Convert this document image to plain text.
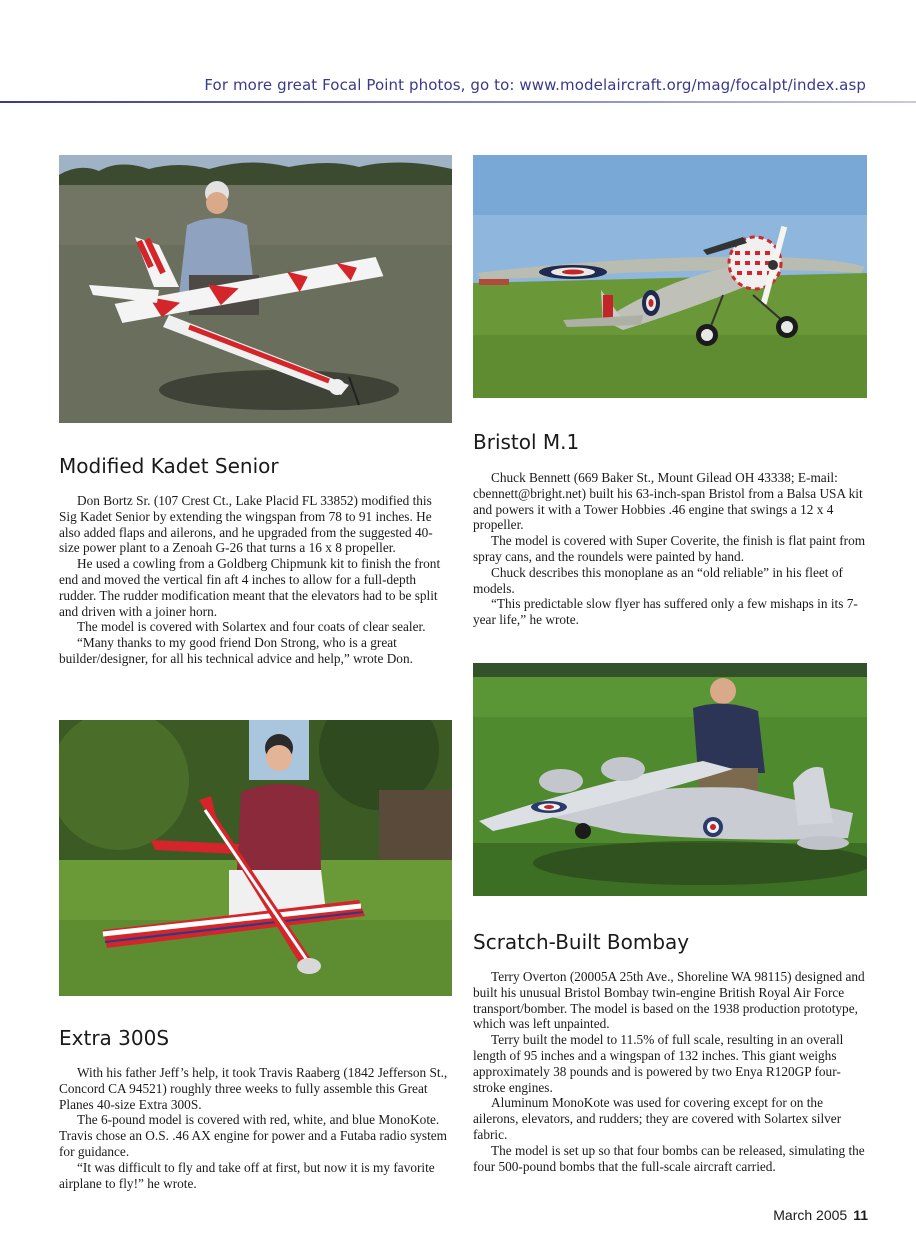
For more great Focal Point photos, go to: www.modelaircraft.org/mag/focalpt/index.asp
Modified Kadet Senior

Don Bortz Sr. (107 Crest Ct., Lake Placid FL 33852) modified this Sig Kadet Senior by extending the wingspan from 78 to 91 inches. He also added flaps and ailerons, and he upgraded from the suggested 40-size power plant to a Zenoah G-26 that turns a 16 x 8 propeller.

He used a cowling from a Goldberg Chipmunk kit to finish the front end and moved the vertical fin aft 4 inches to allow for a full-depth rudder. The rudder modification meant that the elevators had to be split and driven with a joiner horn.

The model is covered with Solartex and four coats of clear sealer.

“Many thanks to my good friend Don Strong, who is a great builder/designer, for all his technical advice and help,” wrote Don.

Bristol M.1

Chuck Bennett (669 Baker St., Mount Gilead OH 43338; E-mail: cbennett@bright.net) built his 63-inch-span Bristol from a Balsa USA kit and powers it with a Tower Hobbies .46 engine that swings a 12 x 4 propeller.

The model is covered with Super Coverite, the finish is flat paint from spray cans, and the roundels were painted by hand.

Chuck describes this monoplane as an “old reliable” in his fleet of models.

“This predictable slow flyer has suffered only a few mishaps in its 7-year life,” he wrote.

Extra 300S

With his father Jeff’s help, it took Travis Raaberg (1842 Jefferson St., Concord CA 94521) roughly three weeks to fully assemble this Great Planes 40-size Extra 300S.

The 6-pound model is covered with red, white, and blue MonoKote. Travis chose an O.S. .46 AX engine for power and a Futaba radio system for guidance.

“It was difficult to fly and take off at first, but now it is my favorite airplane to fly!” he wrote.

Scratch-Built Bombay

Terry Overton (20005A 25th Ave., Shoreline WA 98115) designed and built his unusual Bristol Bombay twin-engine British Royal Air Force transport/bomber. The model is based on the 1938 production prototype, which was left unpainted.

Terry built the model to 11.5% of full scale, resulting in an overall length of 95 inches and a wingspan of 132 inches. This giant weighs approximately 38 pounds and is powered by two Enya R120GP four-stroke engines.

Aluminum MonoKote was used for covering except for on the ailerons, elevators, and rudders; they are covered with Solartex silver fabric.

The model is set up so that four bombs can be released, simulating the four 500-pound bombs that the full-scale aircraft carried.

March 2005 11
